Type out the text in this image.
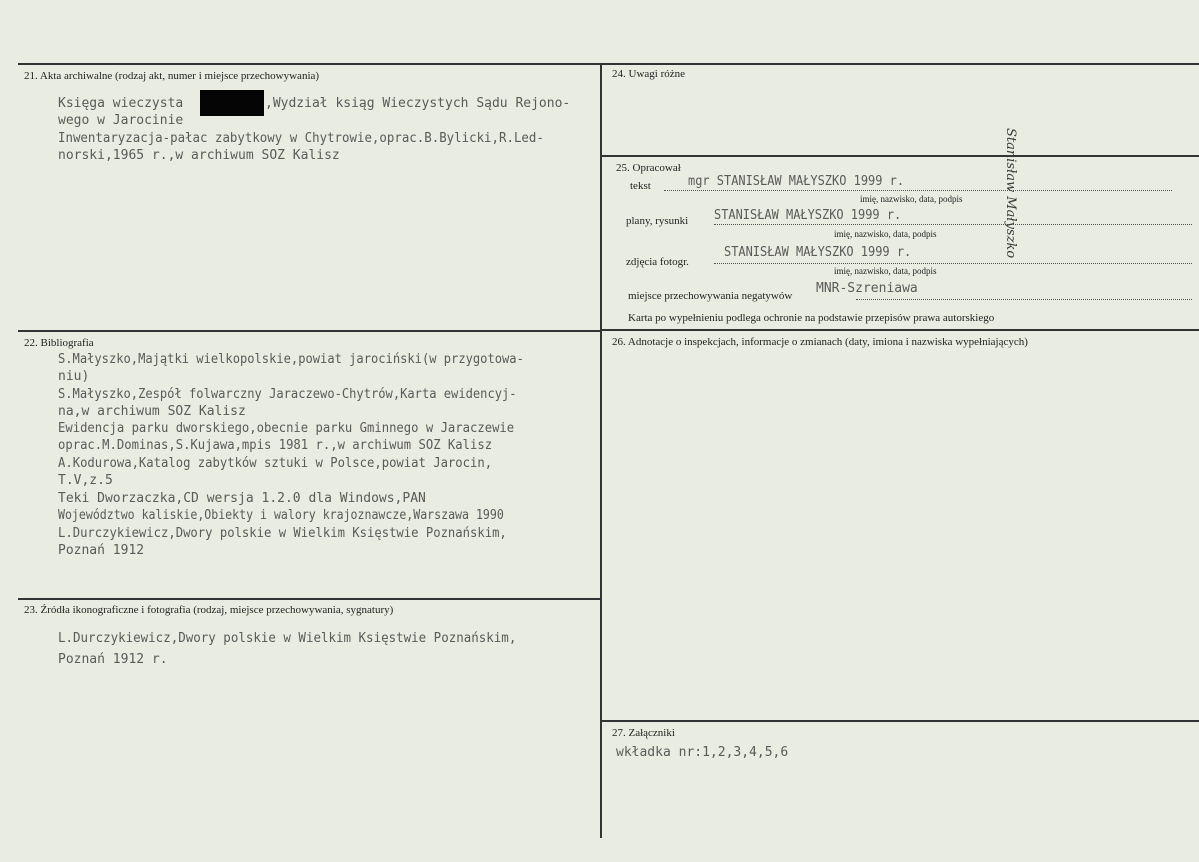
21. Akta archiwalne (rodzaj akt, numer i miejsce przechowywania)
Księga wieczysta	,Wydział ksiąg Wieczystych Sądu Rejono-
wego w Jarocinie
Inwentaryzacja-pałac zabytkowy w Chytrowie,oprac.B.Bylicki,R.Led-
norski,1965 r.,w archiwum SOZ Kalisz
22. Bibliografia
S.Małyszko,Majątki wielkopolskie,powiat jarociński(w przygotowa-
niu)
S.Małyszko,Zespół folwarczny Jaraczewo-Chytrów,Karta ewidencyj-
na,w archiwum SOZ Kalisz
Ewidencja parku dworskiego,obecnie parku Gminnego w Jaraczewie
oprac.M.Dominas,S.Kujawa,mpis 1981 r.,w archiwum SOZ Kalisz
A.Kodurowa,Katalog zabytków sztuki w Polsce,powiat Jarocin,
T.V,z.5
Teki Dworzaczka,CD wersja 1.2.0 dla Windows,PAN
Województwo kaliskie,Obiekty i walory krajoznawcze,Warszawa 1990
L.Durczykiewicz,Dwory polskie w Wielkim Księstwie Poznańskim,
Poznań 1912
23. Źródła ikonograficzne i fotografia (rodzaj, miejsce przechowywania, sygnatury)
L.Durczykiewicz,Dwory polskie w Wielkim Księstwie Poznańskim,
Poznań 1912 r.
24. Uwagi różne
25. Opracował
tekst	mgr STANISŁAW MAŁYSZKO 1999 r.
imię, nazwisko, data, podpis
plany, rysunki STANISŁAW MAŁYSZKO 1999 r.
imię, nazwisko, data, podpis
zdjęcia fotogr.
STANISŁAW MAŁYSZKO 1999 r.
imię, nazwisko, data, podpis
miejsce przechowywania negatywów MNR-Szreniawa
Karta po wypełnieniu podlega ochronie na podstawie przepisów prawa autorskiego
Stanisław Małyszko
26. Adnotacje o inspekcjach, informacje o zmianach (daty, imiona i nazwiska wypełniających)
27. Załączniki
wkładka nr:1,2,3,4,5,6
